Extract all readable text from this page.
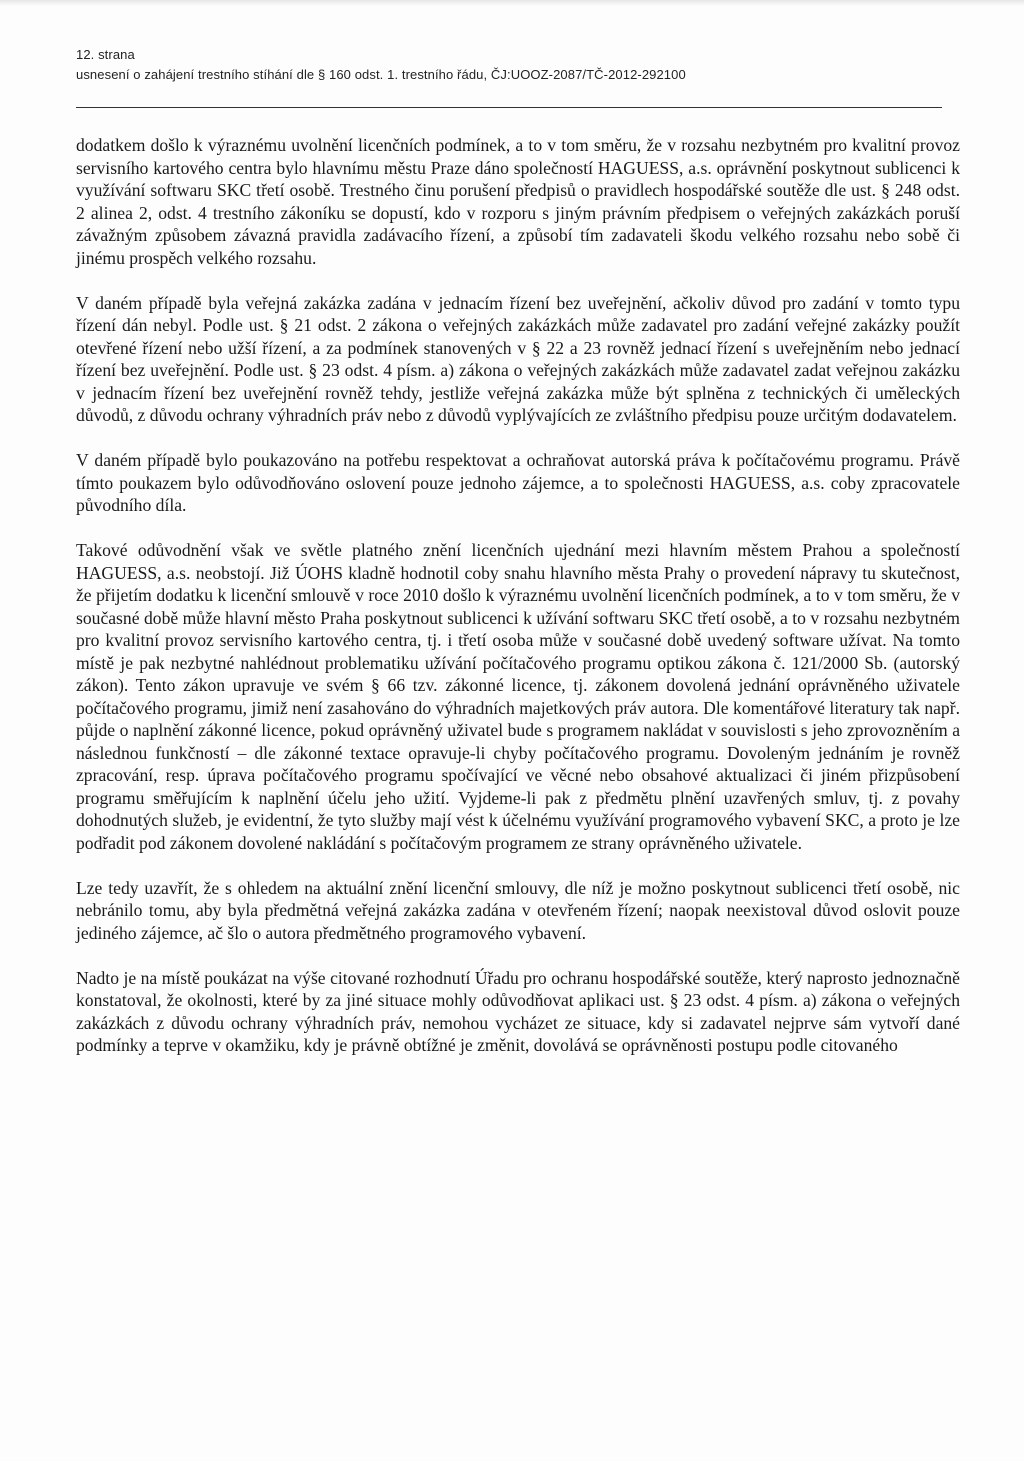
12. strana
usnesení o zahájení trestního stíhání dle § 160 odst. 1. trestního řádu, ČJ:UOOZ-2087/TČ-2012-292100

dodatkem došlo k výraznému uvolnění licenčních podmínek, a to v tom směru, že v rozsahu nezbytném pro kvalitní provoz servisního kartového centra bylo hlavnímu městu Praze dáno společností HAGUESS, a.s. oprávnění poskytnout sublicenci k využívání softwaru SKC třetí osobě. Trestného činu porušení předpisů o pravidlech hospodářské soutěže dle ust. § 248 odst. 2 alinea 2, odst. 4 trestního zákoníku se dopustí, kdo v rozporu s jiným právním předpisem o veřejných zakázkách poruší závažným způsobem závazná pravidla zadávacího řízení, a způsobí tím zadavateli škodu velkého rozsahu nebo sobě či jinému prospěch velkého rozsahu.

V daném případě byla veřejná zakázka zadána v jednacím řízení bez uveřejnění, ačkoliv důvod pro zadání v tomto typu řízení dán nebyl. Podle ust. § 21 odst. 2 zákona o veřejných zakázkách může zadavatel pro zadání veřejné zakázky použít otevřené řízení nebo užší řízení, a za podmínek stanovených v § 22 a 23 rovněž jednací řízení s uveřejněním nebo jednací řízení bez uveřejnění. Podle ust. § 23 odst. 4 písm. a) zákona o veřejných zakázkách může zadavatel zadat veřejnou zakázku v jednacím řízení bez uveřejnění rovněž tehdy, jestliže veřejná zakázka může být splněna z technických či uměleckých důvodů, z důvodu ochrany výhradních práv nebo z důvodů vyplývajících ze zvláštního předpisu pouze určitým dodavatelem.

V daném případě bylo poukazováno na potřebu respektovat a ochraňovat autorská práva k počítačovému programu. Právě tímto poukazem bylo odůvodňováno oslovení pouze jednoho zájemce, a to společnosti HAGUESS, a.s. coby zpracovatele původního díla.

Takové odůvodnění však ve světle platného znění licenčních ujednání mezi hlavním městem Prahou a společností HAGUESS, a.s. neobstojí. Již ÚOHS kladně hodnotil coby snahu hlavního města Prahy o provedení nápravy tu skutečnost, že přijetím dodatku k licenční smlouvě v roce 2010 došlo k výraznému uvolnění licenčních podmínek, a to v tom směru, že v současné době může hlavní město Praha poskytnout sublicenci k užívání softwaru SKC třetí osobě, a to v rozsahu nezbytném pro kvalitní provoz servisního kartového centra, tj. i třetí osoba může v současné době uvedený software užívat. Na tomto místě je pak nezbytné nahlédnout problematiku užívání počítačového programu optikou zákona č. 121/2000 Sb. (autorský zákon). Tento zákon upravuje ve svém § 66 tzv. zákonné licence, tj. zákonem dovolená jednání oprávněného uživatele počítačového programu, jimiž není zasahováno do výhradních majetkových práv autora. Dle komentářové literatury tak např. půjde o naplnění zákonné licence, pokud oprávněný uživatel bude s programem nakládat v souvislosti s jeho zprovozněním a následnou funkčností – dle zákonné textace opravuje-li chyby počítačového programu. Dovoleným jednáním je rovněž zpracování, resp. úprava počítačového programu spočívající ve věcné nebo obsahové aktualizaci či jiném přizpůsobení programu směřujícím k naplnění účelu jeho užití. Vyjdeme-li pak z předmětu plnění uzavřených smluv, tj. z povahy dohodnutých služeb, je evidentní, že tyto služby mají vést k účelnému využívání programového vybavení SKC, a proto je lze podřadit pod zákonem dovolené nakládání s počítačovým programem ze strany oprávněného uživatele.

Lze tedy uzavřít, že s ohledem na aktuální znění licenční smlouvy, dle níž je možno poskytnout sublicenci třetí osobě, nic nebránilo tomu, aby byla předmětná veřejná zakázka zadána v otevřeném řízení; naopak neexistoval důvod oslovit pouze jediného zájemce, ač šlo o autora předmětného programového vybavení.

Nadto je na místě poukázat na výše citované rozhodnutí Úřadu pro ochranu hospodářské soutěže, který naprosto jednoznačně konstatoval, že okolnosti, které by za jiné situace mohly odůvodňovat aplikaci ust. § 23 odst. 4 písm. a) zákona o veřejných zakázkách z důvodu ochrany výhradních práv, nemohou vycházet ze situace, kdy si zadavatel nejprve sám vytvoří dané podmínky a teprve v okamžiku, kdy je právně obtížné je změnit, dovolává se oprávněnosti postupu podle citovaného
